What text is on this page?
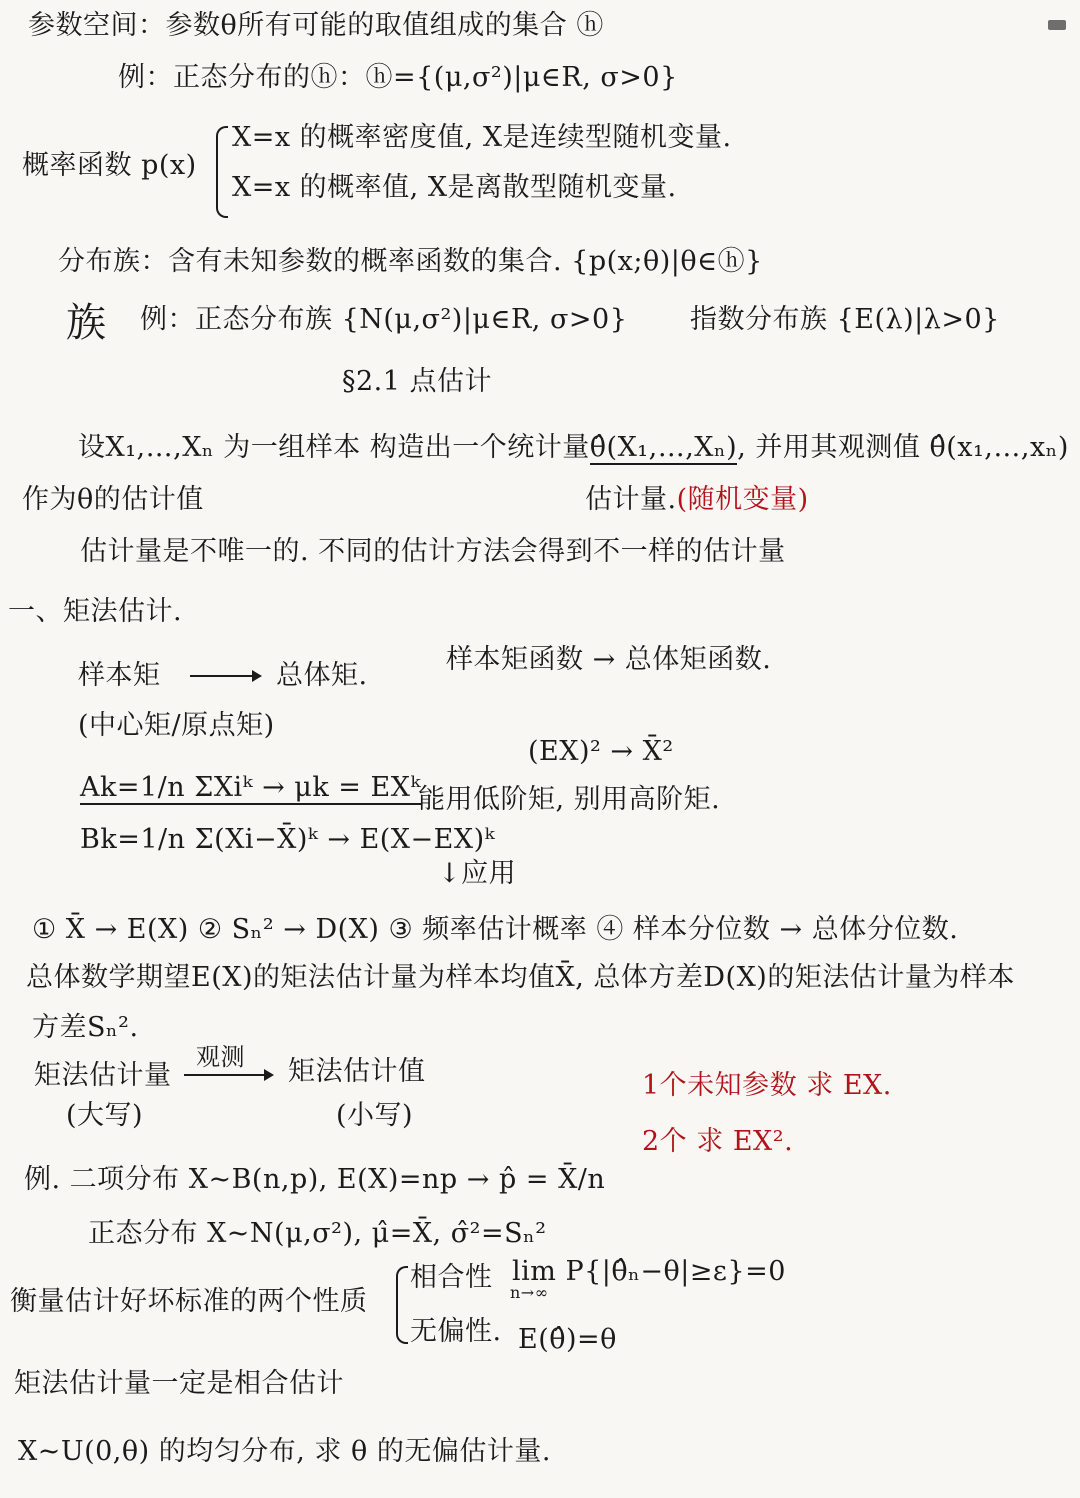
参数空间：参数θ所有可能的取值组成的集合 ⓗ
例：正态分布的ⓗ：ⓗ={(μ,σ²)|μ∈R, σ>0}
概率函数 p(x)
X=x 的概率密度值, X是连续型随机变量.
X=x 的概率值, X是离散型随机变量.
分布族：含有未知参数的概率函数的集合. {p(x;θ)|θ∈ⓗ}
族 例：正态分布族 {N(μ,σ²)|μ∈R, σ>0} 指数分布族 {E(λ)|λ>0}
§2.1 点估计
设X₁,…,Xₙ 为一组样本 构造出一个统计量θ̂(X₁,…,Xₙ), 并用其观测值 θ̂(x₁,…,xₙ)
作为θ的估计值	估计量.(随机变量)
估计量是不唯一的. 不同的估计方法会得到不一样的估计量
一、矩法估计.
样本矩	总体矩.
样本矩函数 → 总体矩函数.
(中心矩/原点矩)
(EX)² → X̄²
Ak=1/n ΣXiᵏ → μk = EXᵏ
能用低阶矩, 别用高阶矩.
Bk=1/n Σ(Xi−X̄)ᵏ → E(X−EX)ᵏ
↓应用
① X̄ → E(X) ② Sₙ² → D(X) ③ 频率估计概率 ④ 样本分位数 → 总体分位数.
总体数学期望E(X)的矩法估计量为样本均值X̄, 总体方差D(X)的矩法估计量为样本
方差Sₙ².
矩法估计量
观测 矩法估计值
(大写)	(小写)
1个未知参数 求 EX.
2个 求 EX².
例. 二项分布 X~B(n,p), E(X)=np → p̂ = X̄/n
正态分布 X~N(μ,σ²), μ̂=X̄, σ̂²=Sₙ²
衡量估计好坏标准的两个性质
相合性 lim P{|θ̂ₙ−θ|≥ε}=0
n→∞
无偏性. E(θ̂)=θ
矩法估计量一定是相合估计
X~U(0,θ) 的均匀分布, 求 θ 的无偏估计量.
